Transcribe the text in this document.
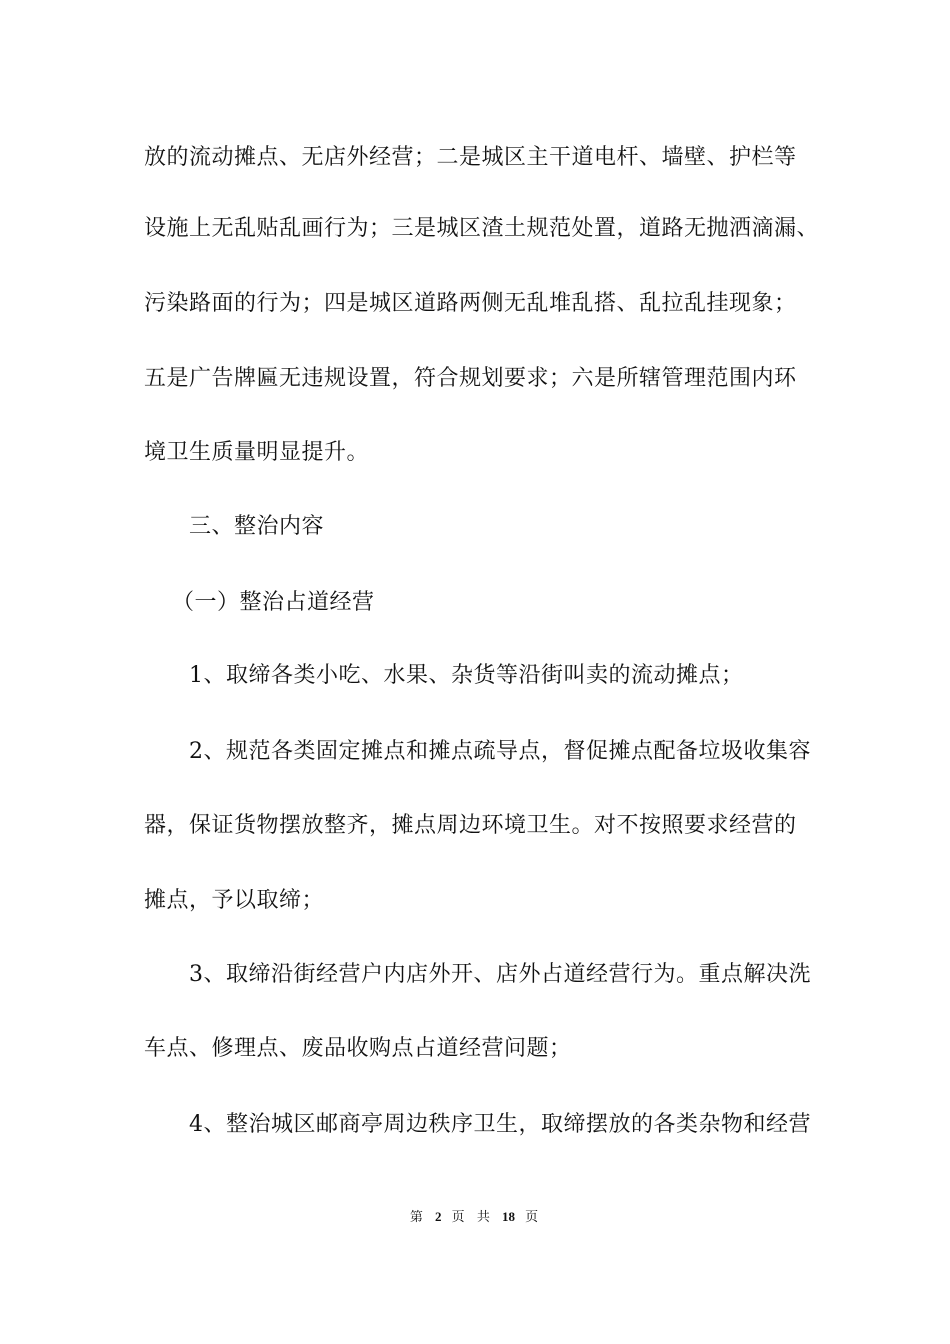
放的流动摊点、无店外经营；二是城区主干道电杆、墙壁、护栏等
设施上无乱贴乱画行为；三是城区渣土规范处置，道路无抛洒滴漏、
污染路面的行为；四是城区道路两侧无乱堆乱搭、乱拉乱挂现象；
五是广告牌匾无违规设置，符合规划要求；六是所辖管理范围内环
境卫生质量明显提升。
三、整治内容
（一）整治占道经营
1、取缔各类小吃、水果、杂货等沿街叫卖的流动摊点；
2、规范各类固定摊点和摊点疏导点，督促摊点配备垃圾收集容
器，保证货物摆放整齐，摊点周边环境卫生。对不按照要求经营的
摊点，予以取缔；
3、取缔沿街经营户内店外开、店外占道经营行为。重点解决洗
车点、修理点、废品收购点占道经营问题；
4、整治城区邮商亭周边秩序卫生，取缔摆放的各类杂物和经营
第 2 页 共 18 页
